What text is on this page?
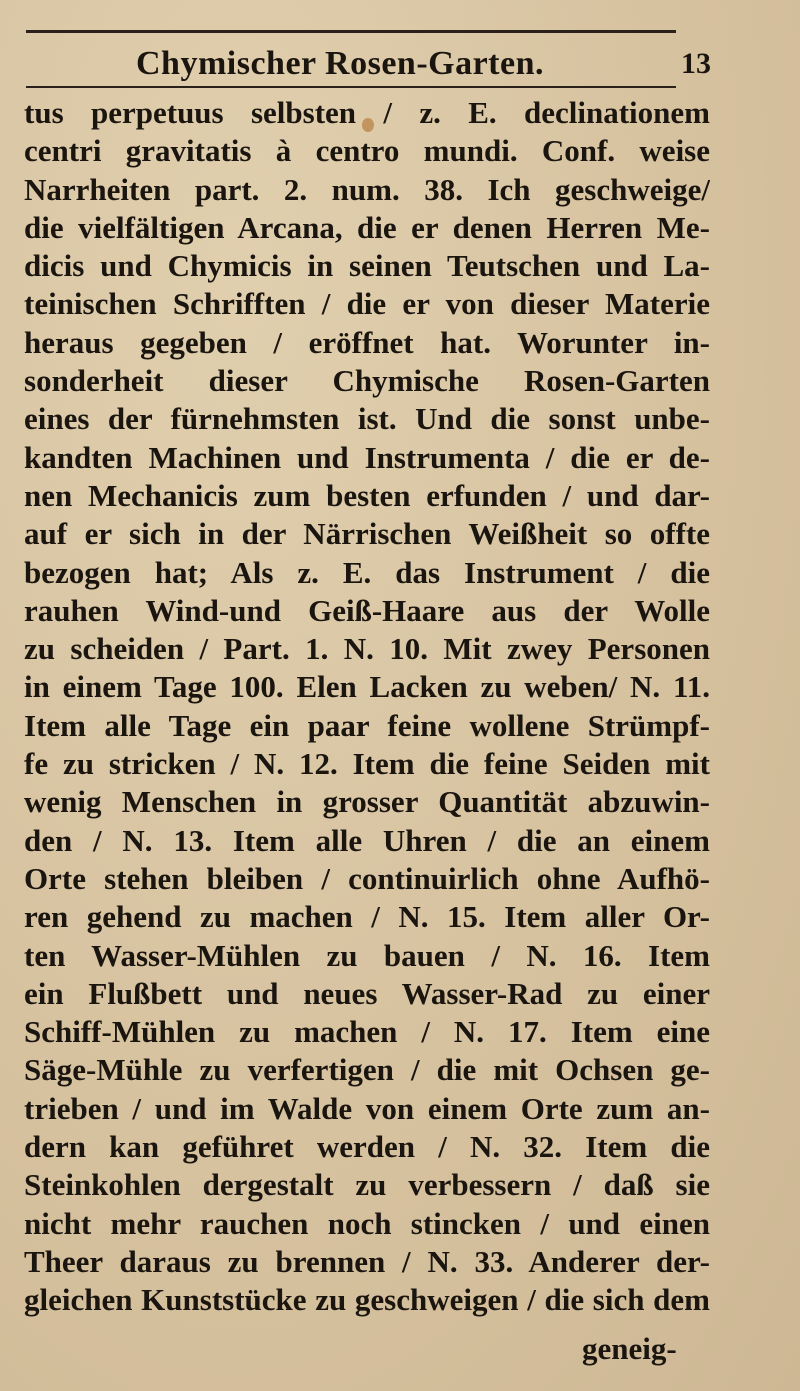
Chymischer Rosen-Garten.	13
tus perpetuus selbsten / z. E. declinationem
centri gravitatis à centro mundi. Conf. weise
Narrheiten part. 2. num. 38. Ich geschweige/
die vielfältigen Arcana, die er denen Herren Me-
dicis und Chymicis in seinen Teutschen und La-
teinischen Schrifften / die er von dieser Materie
heraus gegeben / eröffnet hat. Worunter in-
sonderheit dieser Chymische Rosen-Garten
eines der fürnehmsten ist. Und die sonst unbe-
kandten Machinen und Instrumenta / die er de-
nen Mechanicis zum besten erfunden / und dar-
auf er sich in der Närrischen Weißheit so offte
bezogen hat; Als z. E. das Instrument / die
rauhen Wind-und Geiß-Haare aus der Wolle
zu scheiden / Part. 1. N. 10. Mit zwey Personen
in einem Tage 100. Elen Lacken zu weben/ N. 11.
Item alle Tage ein paar feine wollene Strümpf-
fe zu stricken / N. 12. Item die feine Seiden mit
wenig Menschen in grosser Quantität abzuwin-
den / N. 13. Item alle Uhren / die an einem
Orte stehen bleiben / continuirlich ohne Aufhö-
ren gehend zu machen / N. 15. Item aller Or-
ten Wasser-Mühlen zu bauen / N. 16. Item
ein Flußbett und neues Wasser-Rad zu einer
Schiff-Mühlen zu machen / N. 17. Item eine
Säge-Mühle zu verfertigen / die mit Ochsen ge-
trieben / und im Walde von einem Orte zum an-
dern kan geführet werden / N. 32. Item die
Steinkohlen dergestalt zu verbessern / daß sie
nicht mehr rauchen noch stincken / und einen
Theer daraus zu brennen / N. 33. Anderer der-
gleichen Kunststücke zu geschweigen / die sich dem
geneig-
